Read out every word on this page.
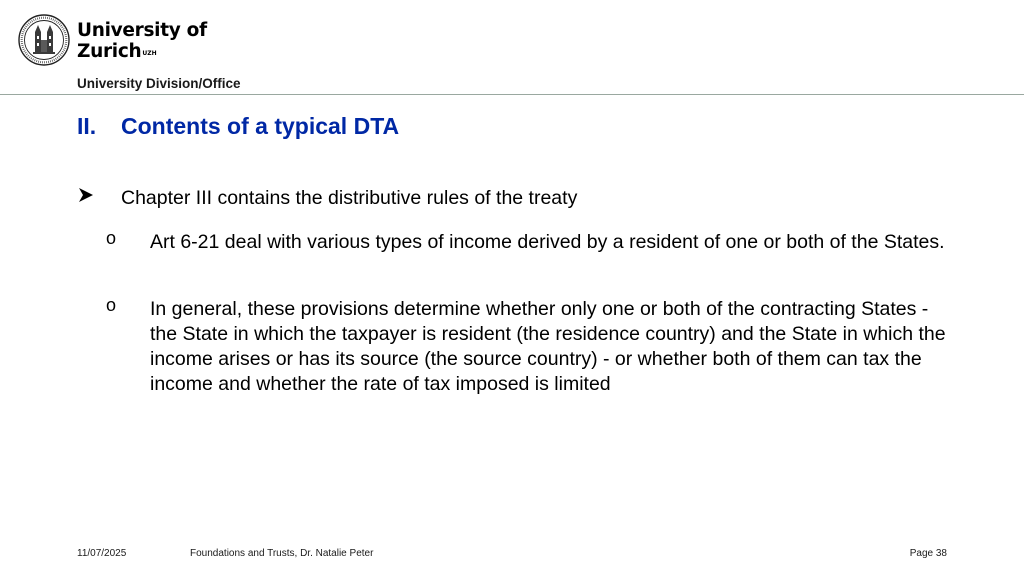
University of
Zurich$^{UZH}$
University Division/Office
II. Contents of a typical DTA
Chapter III contains the distributive rules of the treaty
o Art 6-21 deal with various types of income derived by a resident of one or both of the States.
o In general, these provisions determine whether only one or both of the contracting States - the State in which the taxpayer is resident (the residence country) and the State in which the income arises or has its source (the source country) - or whether both of them can tax the income and whether the rate of tax imposed is limited
11/07/2025	Foundations and Trusts, Dr. Natalie Peter	Page 38
